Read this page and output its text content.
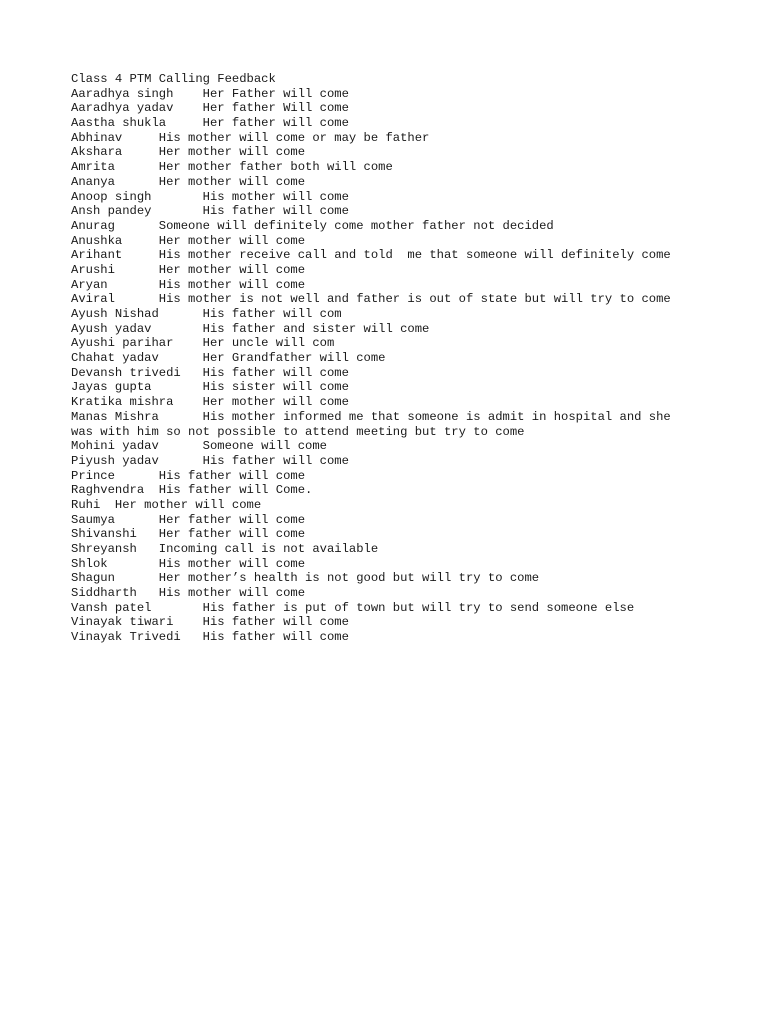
Class 4 PTM Calling Feedback
Aaradhya singh    Her Father will come
Aaradhya yadav    Her father Will come
Aastha shukla     Her father will come
Abhinav     His mother will come or may be father
Akshara     Her mother will come
Amrita      Her mother father both will come
Ananya      Her mother will come
Anoop singh       His mother will come
Ansh pandey       His father will come
Anurag      Someone will definitely come mother father not decided
Anushka     Her mother will come
Arihant     His mother receive call and told  me that someone will definitely come
Arushi      Her mother will come
Aryan       His mother will come
Aviral      His mother is not well and father is out of state but will try to come
Ayush Nishad      His father will com
Ayush yadav       His father and sister will come
Ayushi parihar    Her uncle will com
Chahat yadav      Her Grandfather will come
Devansh trivedi   His father will come
Jayas gupta       His sister will come
Kratika mishra    Her mother will come
Manas Mishra      His mother informed me that someone is admit in hospital and she
was with him so not possible to attend meeting but try to come
Mohini yadav      Someone will come
Piyush yadav      His father will come
Prince      His father will come
Raghvendra  His father will Come.
Ruhi  Her mother will come
Saumya      Her father will come
Shivanshi   Her father will come
Shreyansh   Incoming call is not available
Shlok       His mother will come
Shagun      Her mother’s health is not good but will try to come
Siddharth   His mother will come
Vansh patel       His father is put of town but will try to send someone else
Vinayak tiwari    His father will come
Vinayak Trivedi   His father will come
